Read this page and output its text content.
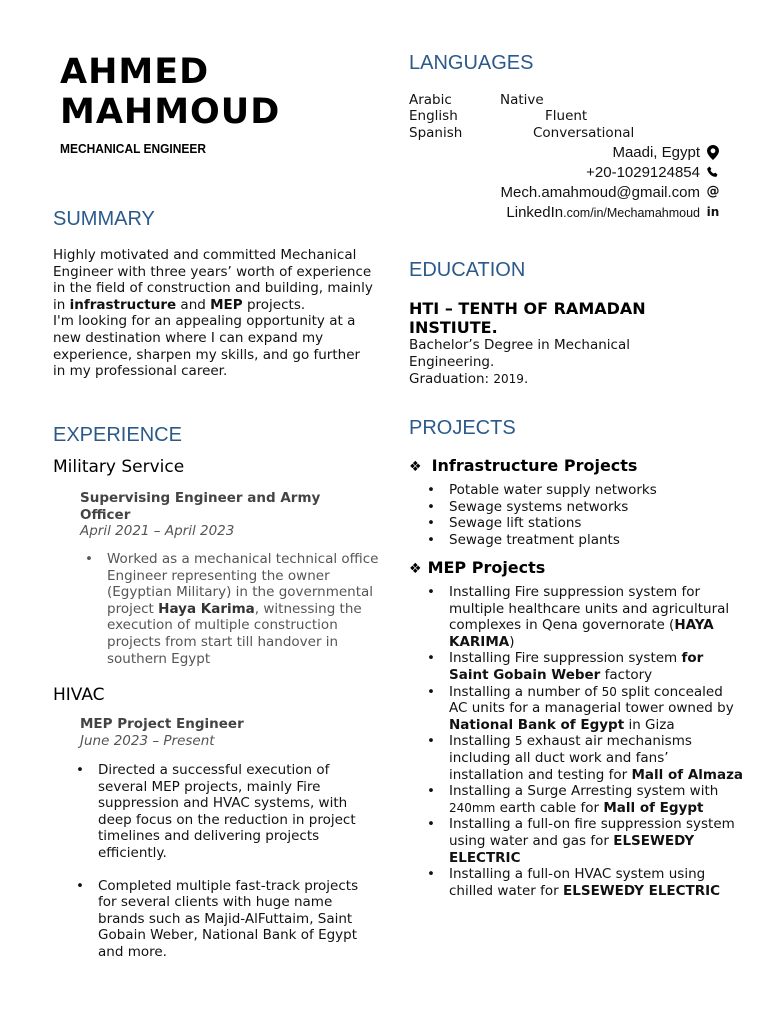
AHMED
MAHMOUD
MECHANICAL ENGINEER
SUMMARY
Highly motivated and committed Mechanical Engineer with three years’ worth of experience in the field of construction and building, mainly in infrastructure and MEP projects.
I'm looking for an appealing opportunity at a new destination where I can expand my experience, sharpen my skills, and go further in my professional career.
EXPERIENCE
Military Service
Supervising Engineer and Army Officer
April 2021 – April 2023
• Worked as a mechanical technical office Engineer representing the owner (Egyptian Military) in the governmental project Haya Karima, witnessing the execution of multiple construction projects from start till handover in southern Egypt
HIVAC
MEP Project Engineer
June 2023 – Present
• Directed a successful execution of several MEP projects, mainly Fire suppression and HVAC systems, with deep focus on the reduction in project timelines and delivering projects efficiently.
• Completed multiple fast-track projects for several clients with huge name brands such as Majid-AlFuttaim, Saint Gobain Weber, National Bank of Egypt and more.
LANGUAGES
Arabic	Native
English	Fluent
Spanish	Conversational
Maadi, Egypt
+20-1029124854
Mech.amahmoud@gmail.com @
LinkedIn.com/in/Mechamahmoud in
EDUCATION
HTI – TENTH OF RAMADAN INSTIUTE.
Bachelor’s Degree in Mechanical Engineering.
Graduation: 2019.
PROJECTS
❖ Infrastructure Projects
• Potable water supply networks
• Sewage systems networks
• Sewage lift stations
• Sewage treatment plants
❖ MEP Projects
• Installing Fire suppression system for multiple healthcare units and agricultural complexes in Qena governorate (HAYA KARIMA)
• Installing Fire suppression system for Saint Gobain Weber factory
• Installing a number of 50 split concealed AC units for a managerial tower owned by National Bank of Egypt in Giza
• Installing 5 exhaust air mechanisms including all duct work and fans’ installation and testing for Mall of Almaza
• Installing a Surge Arresting system with 240mm earth cable for Mall of Egypt
• Installing a full-on fire suppression system using water and gas for ELSEWEDY ELECTRIC
• Installing a full-on HVAC system using chilled water for ELSEWEDY ELECTRIC
